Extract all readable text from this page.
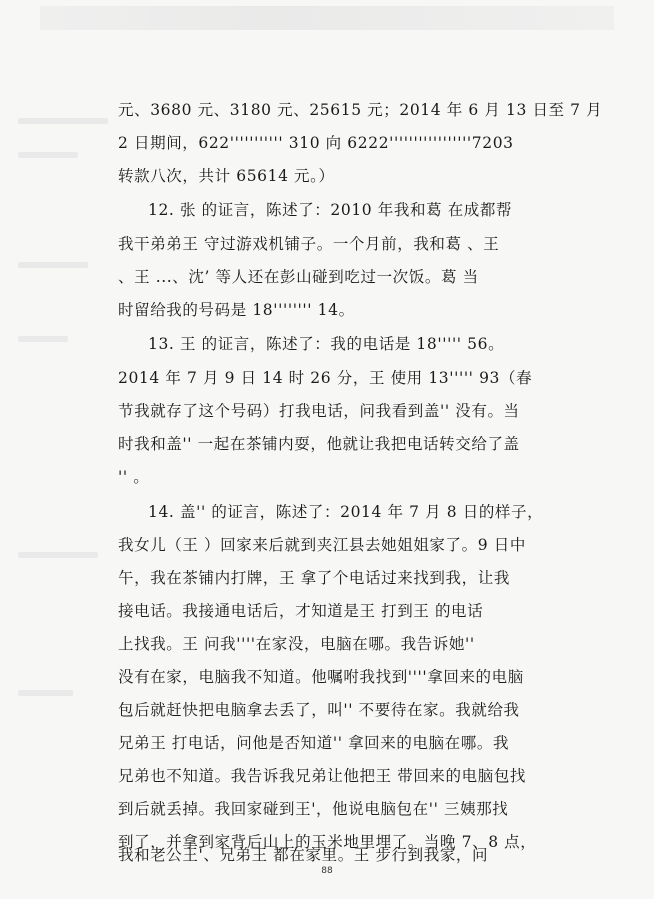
元、3680 元、3180 元、25615 元；2014 年 6 月 13 日至 7 月
2 日期间，622''''''''''' 310 向 6222'''''''''''''''''7203
转款八次，共计 65614 元。）
12. 张 的证言，陈述了：2010 年我和葛 在成都帮
我干弟弟王 守过游戏机铺子。一个月前，我和葛 、王
、王 ...、沈’ 等人还在彭山碰到吃过一次饭。葛 当
时留给我的号码是 18'''''''' 14。
13. 王 的证言，陈述了：我的电话是 18''''' 56。
2014 年 7 月 9 日 14 时 26 分，王 使用 13''''' 93（春
节我就存了这个号码）打我电话，问我看到盖'' 没有。当
时我和盖'' 一起在茶铺内耍，他就让我把电话转交给了盖
'' 。
14. 盖'' 的证言，陈述了：2014 年 7 月 8 日的样子，
我女儿（王 ）回家来后就到夹江县去她姐姐家了。9 日中
午，我在茶铺内打牌，王 拿了个电话过来找到我，让我
接电话。我接通电话后，才知道是王 打到王 的电话
上找我。王 问我''''在家没，电脑在哪。我告诉她''
没有在家，电脑我不知道。他嘱咐我找到''''拿回来的电脑
包后就赶快把电脑拿去丢了，叫'' 不要待在家。我就给我
兄弟王 打电话，问他是否知道'' 拿回来的电脑在哪。我
兄弟也不知道。我告诉我兄弟让他把王 带回来的电脑包找
到后就丢掉。我回家碰到王'，他说电脑包在'' 三姨那找
到了，并拿到家背后山上的玉米地里埋了。当晚 7、8 点，
我和老公王'、兄弟王 都在家里。王 步行到我家，问
88
